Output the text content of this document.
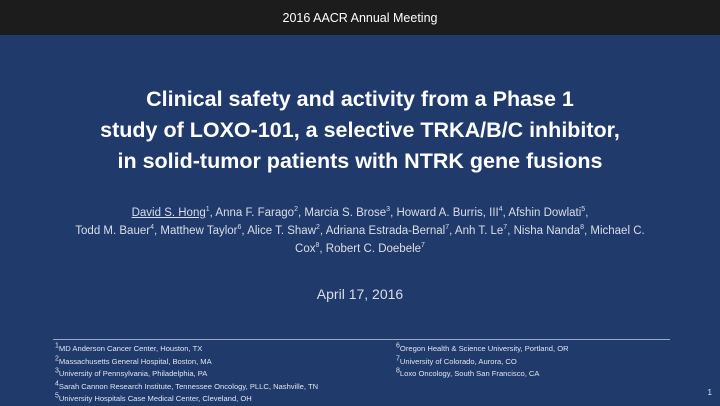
2016 AACR Annual Meeting
Clinical safety and activity from a Phase 1
study of LOXO-101, a selective TRKA/B/C inhibitor,
in solid-tumor patients with NTRK gene fusions
David S. Hong$^1$, Anna F. Farago$^2$, Marcia S. Brose$^3$, Howard A. Burris, III$^4$, Afshin Dowlati$^5$,
Todd M. Bauer$^4$, Matthew Taylor$^6$, Alice T. Shaw$^2$, Adriana Estrada-Bernal$^7$, Anh T. Le$^7$, Nisha Nanda$^8$, Michael C. Cox$^8$, Robert C. Doebele$^7$
April 17, 2016
$^1$MD Anderson Cancer Center, Houston, TX
$^2$Massachusetts General Hospital, Boston, MA
$^3$University of Pennsylvania, Philadelphia, PA
$^4$Sarah Cannon Research Institute, Tennessee Oncology, PLLC, Nashville, TN
$^5$University Hospitals Case Medical Center, Cleveland, OH
$^6$Oregon Health & Science University, Portland, OR
$^7$University of Colorado, Aurora, CO
$^8$Loxo Oncology, South San Francisco, CA
1
